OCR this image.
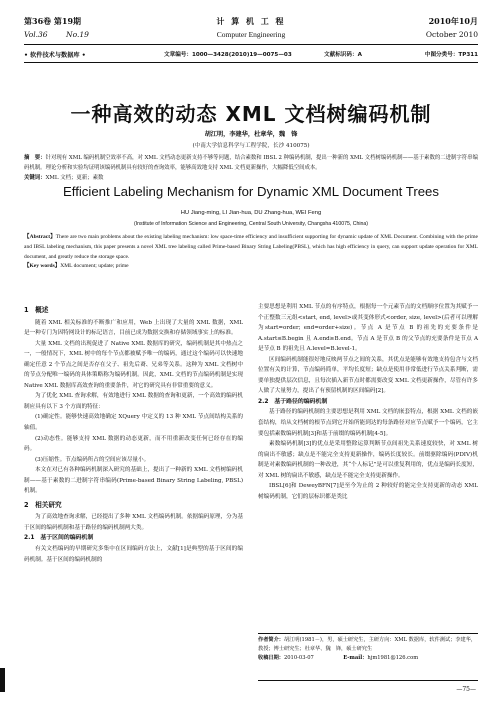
第36卷 第19期	计 算 机 工 程	2010年10月
Vol.36 No.19	Computer Engineering	October 2010
• 软件技术与数据库 •	文章编号：1000—3428(2010)19—0075—03	文献标识码：A	中图分类号：TP311
一种高效的动态 XML 文档树编码机制
胡江明，李建华，杜章华，魏　锋
(中南大学信息科学与工程学院，长沙 410075)
摘　要：针对现有 XML 编码机制空效率不高，对 XML 文档动态更新支持不够等问题，结合素数和 IBSL 2 种编码机制，提出一种新的 XML 文档树编码机制——基于素数的二进制字符串编码机制。理论分析和实验均证明该编码机制具有较好的查询效率，能够高效地支持 XML 文档更新操作，大幅降低空间成本。
关键词：XML 文档；更新；素数
Efficient Labeling Mechanism for Dynamic XML Document Trees
HU Jiang-ming, LI Jian-hua, DU Zhang-hua, WEI Feng
(Institute of Information Science and Engineering, Central South University, Changsha 410075, China)
【Abstract】There are two main problems about the existing labeling mechanism: low space-time efficiency and insufficient supporting for dynamic update of XML Document. Combining with the prime and IBSL labeling mechanism, this paper presents a novel XML tree labeling called Prime-based Binary String Labeling(PBSL), which has high efficiency in query, can support update operation for XML document, and greatly reduce the storage space.
【Key words】XML document; update; prime

1　概述

随着 XML 相关标准的不断推广和应用，Web 上出现了大量的 XML 数据，XML 是一种专门为因特网设计的标记语言，目前已成为数据交换和存储领域事实上的标准。

大量 XML 文档的出现促进了 Native XML 数据库的研究，编码机制是其中热点之一，一般情况下，XML 树中的每个节点都被赋予唯一的编码，通过这个编码可以快速地确定任意 2 个节点之间是否存在父子、祖先后裔、兄弟等关系。这种为 XML 文档树中的节点分配唯一编码的具体策略称为编码机制。因此，XML 文档的节点编码机制是实现 Native XML 数据库高效查询的重要条件，对它的研究具有非常重要的意义。

为了优化 XML 查询求解，有效地进行 XML 数据的查询和更新，一个高效的编码机制应具有以下 3 个方面的特征：

(1)确定性。能够快速高效地确定 XQuery 中定义的 13 种 XML 节点间结构关系的轴值。

(2)动态性。能够支持 XML 数据的动态更新，而不用重新改变任何已经存在的编码。

(3)压缩性。节点编码所占的空间应该尽量小。

本文在对已有各种编码机制深入研究的基础上，提出了一种新的 XML 文档树编码机制——基于素数的二进制字符串编码(Prime-based Binary String Labeling, PBSL)机制。

2　相关研究

为了高效地查询求解，已经提出了多种 XML 文档编码机制。依据编码原理，分为基于区间的编码机制和基于路径的编码机制两大类。

2.1　基于区间的编码机制

有关文档编码的早期研究多集中在区间编码方法上，文献[1]是典型的基于区间的编码机制。基于区间的编码机制的

主要思想是利用 XML 节点的有序特点，根据每一个元素节点的文档顺序位置为其赋予一个正整数三元组<start, end, level>或其变体形式<order, size, level>(后者可以理解为start=order; end=order+size)。节点 A 是节点 B 的祖先的充要条件是 A.start≤B.begin 且 A.end≥B.end。节点 A 是节点 B 的父节点的充要条件是节点 A 是节点 B 的祖先且 A.level=B.level-1。

区间编码机制能很好地反映两节点之间的关系，其优点是能够有效地支持包含与文档位置有关的计算，节点编码简单，平均长度短；缺点是使用非常低进行节点关系判断，需要单独提供层次信息，且每次插入新节点时都需要改变 XML 文档更新操作，尽管有许多人做了大量努力，提出了有预留机制的区间编码[2]。

2.2　基于路径的编码机制

基于路径的编码机制的主要思想是利用 XML 文档的嵌套特点，根据 XML 文档的嵌套结构，给从文档树的根节点到它开始所能到达的每条路径对应节点赋予一个编码，它主要包括素数编码机制[3]和基于前缀的编码机制[4-5]。

素数编码机制[3]的优点是采用整除运算判断节点间祖先关系速度较快，对 XML 树的扁出不敏感；缺点是不能完全支持更新操作，编码长度较长。前缀驱除编码(PDIV)机制是对素数编码机制的一种改进，其“个人标记”是可以重复利用的，优点是编码长度短，对 XML 树的扁出不敏感，缺点是不能完全支持更新操作。

IBSL[6]和 DeweyBFN[7]是至今为止的 2 种较好的能完全支持更新的动态 XML 树编码机制，它们的层标识都是类比

作者简介：胡江明(1981－)，男，硕士研究生，主研方向：XML 数据库，软件测试；李建华，教授；博士研究生；杜章华、魏　锋，硕士研究生
收稿日期：2010-03-07	E-mail：hjm1981@126.com
—75—
